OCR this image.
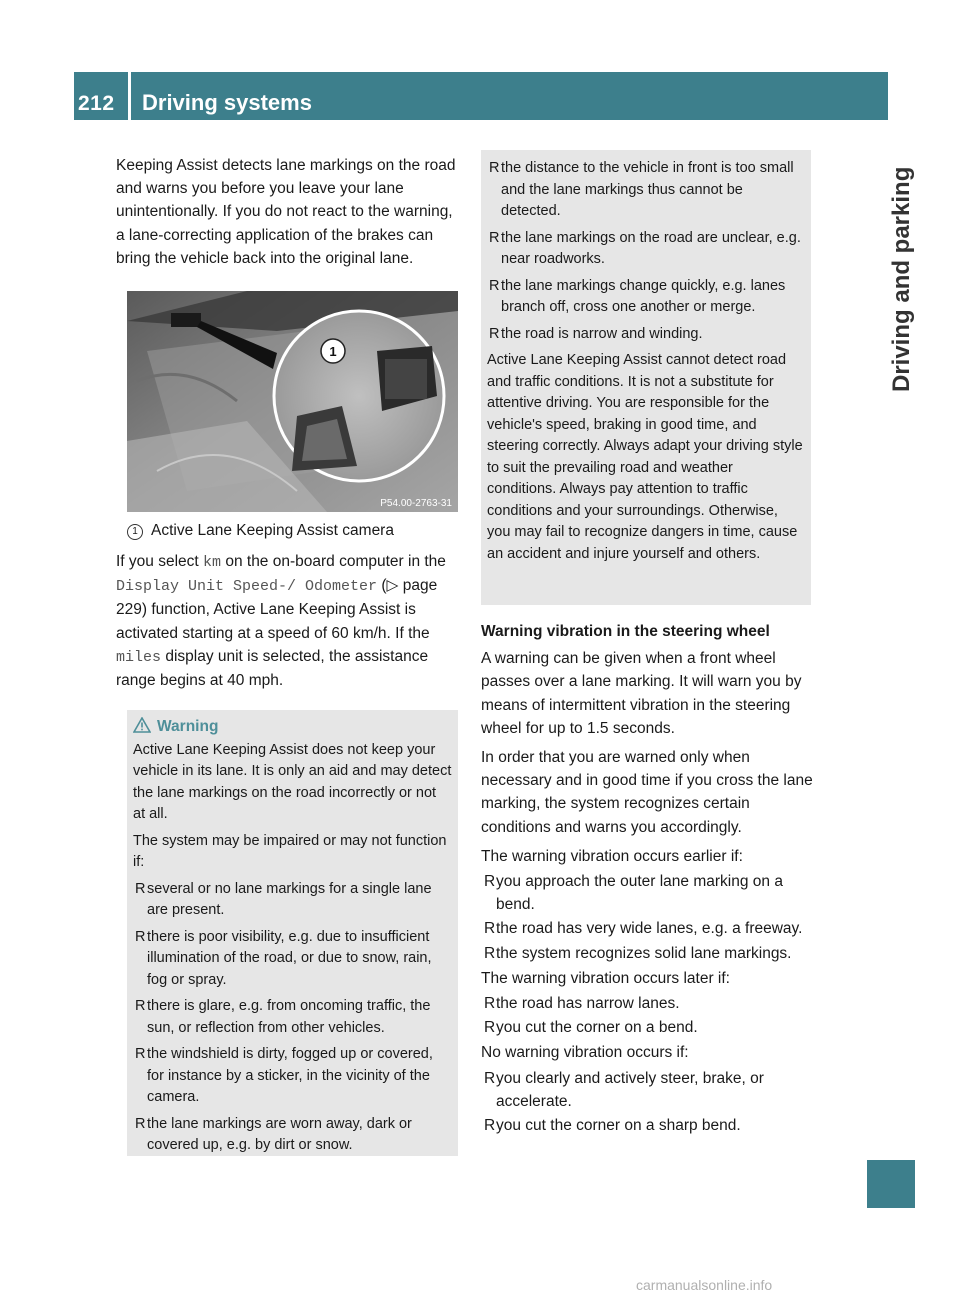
212 Driving systems
Driving and parking

Keeping Assist detects lane markings on the road and warns you before you leave your lane unintentionally. If you do not react to the warning, a lane-correcting application of the brakes can bring the vehicle back into the original lane.

1
P54.00-2763-31
1 Active Lane Keeping Assist camera

If you select km on the on-board computer in the Display Unit Speed-/ Odometer (▷ page 229) function, Active Lane Keeping Assist is activated starting at a speed of 60 km/h. If the miles display unit is selected, the assistance range begins at 40 mph.

Warning

Active Lane Keeping Assist does not keep your vehicle in its lane. It is only an aid and may detect the lane markings on the road incorrectly or not at all.

The system may be impaired or may not function if:

R several or no lane markings for a single lane are present.
R there is poor visibility, e.g. due to insufficient illumination of the road, or due to snow, rain, fog or spray.
R there is glare, e.g. from oncoming traffic, the sun, or reflection from other vehicles.
R the windshield is dirty, fogged up or covered, for instance by a sticker, in the vicinity of the camera.
R the lane markings are worn away, dark or covered up, e.g. by dirt or snow.
R the distance to the vehicle in front is too small and the lane markings thus cannot be detected.
R the lane markings on the road are unclear, e.g. near roadworks.
R the lane markings change quickly, e.g. lanes branch off, cross one another or merge.
R the road is narrow and winding.

Active Lane Keeping Assist cannot detect road and traffic conditions. It is not a substitute for attentive driving. You are responsible for the vehicle's speed, braking in good time, and steering correctly. Always adapt your driving style to suit the prevailing road and weather conditions. Always pay attention to traffic conditions and your surroundings. Otherwise, you may fail to recognize dangers in time, cause an accident and injure yourself and others.

Warning vibration in the steering wheel

A warning can be given when a front wheel passes over a lane marking. It will warn you by means of intermittent vibration in the steering wheel for up to 1.5 seconds.

In order that you are warned only when necessary and in good time if you cross the lane marking, the system recognizes certain conditions and warns you accordingly.

The warning vibration occurs earlier if:

R you approach the outer lane marking on a bend.
R the road has very wide lanes, e.g. a freeway.
R the system recognizes solid lane markings.

The warning vibration occurs later if:

R the road has narrow lanes.
R you cut the corner on a bend.

No warning vibration occurs if:

R you clearly and actively steer, brake, or accelerate.
R you cut the corner on a sharp bend.
carmanualsonline.info
